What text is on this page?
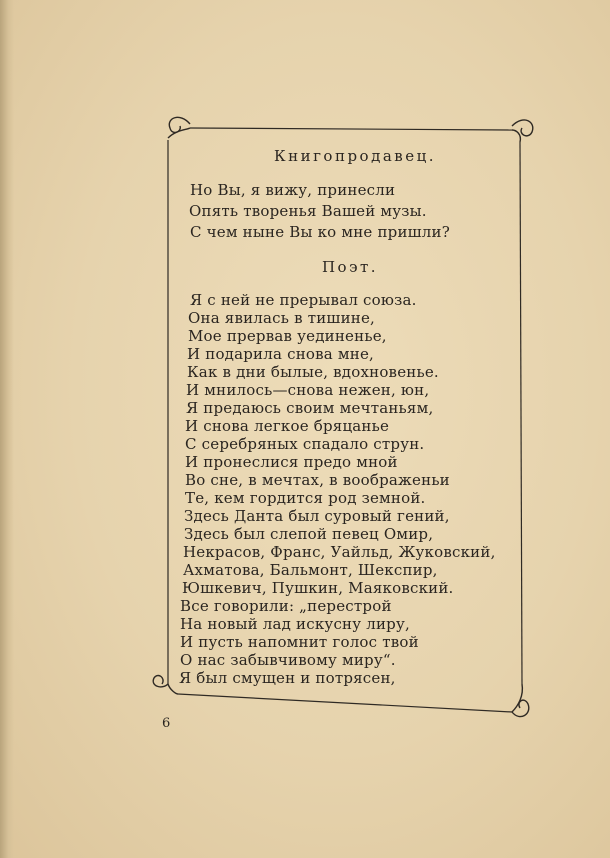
Книгопродавец.
Но Вы, я вижу, принесли
Опять творенья Вашей музы.
С чем ныне Вы ко мне пришли?
Поэт.
Я с ней не прерывал союза.
Она явилась в тишине,
Мое прервав уединенье,
И подарила снова мне,
Как в дни былые, вдохновенье.
И мнилось—снова нежен, юн,
Я предаюсь своим мечтаньям,
И снова легкое бряцанье
С серебряных спадало струн.
И пронеслися предо мной
Во сне, в мечтах, в воображеньи
Те, кем гордится род земной.
Здесь Данта был суровый гений,
Здесь был слепой певец Омир,
Некрасов, Франс, Уайльд, Жуковский,
Ахматова, Бальмонт, Шекспир,
Юшкевич, Пушкин, Маяковский.
Все говорили: „перестрой
На новый лад искусну лиру,
И пусть напомнит голос твой
О нас забывчивому миру“.
Я был смущен и потрясен,
6
